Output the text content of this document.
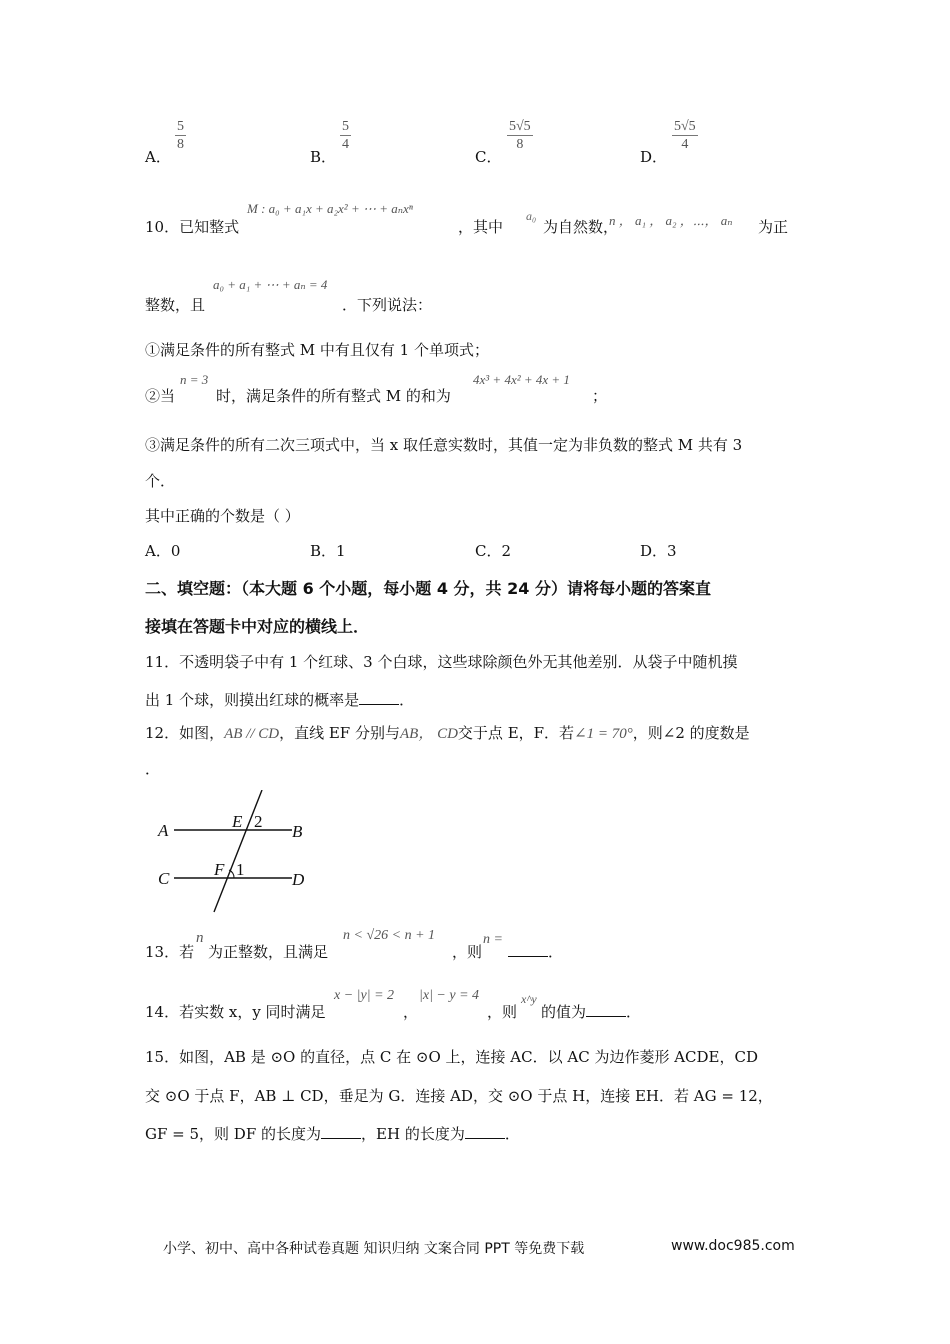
A．
$\frac{5}{8}$
B．
$\frac{5}{4}$
C．
$\frac{5√5}{8}$
D．
$\frac{5√5}{4}$
10．已知整式
M : a₀ + a₁x + a₂x² + ⋯ + aₙxⁿ
，其中
a₀
为自然数，
n ， a₁ ， a₂ ，⋯， aₙ 为正
整数，且
a₀ + a₁ + ⋯ + aₙ = 4
．下列说法：
①满足条件的所有整式 M 中有且仅有 1 个单项式；
②当
n = 3
时，满足条件的所有整式 M 的和为
4x³ + 4x² + 4x + 1
；
③满足条件的所有二次三项式中，当 x 取任意实数时，其值一定为非负数的整式 M 共有 3
个．
其中正确的个数是（ ）
A．0	B．1	C．2	D．3
二、填空题：（本大题 6 个小题，每小题 4 分，共 24 分）请将每小题的答案直
接填在答题卡中对应的横线上．
11．不透明袋子中有 1 个红球、3 个白球，这些球除颜色外无其他差别．从袋子中随机摸
出 1 个球，则摸出红球的概率是	．
12．如图，AB // CD，直线 EF 分别与AB， CD交于点 E，F．若∠1 = 70°，则∠2 的度数是
．
A	B
C	D
E
F
2
1
13．若
n
为正整数，且满足
n < √26 < n + 1
，则
n =
．
14．若实数 x，y 同时满足
x − |y| = 2
，
|x| − y = 4
，则
x^y
的值为	．
15．如图，AB 是 ⊙O 的直径，点 C 在 ⊙O 上，连接 AC．以 AC 为边作菱形 ACDE，CD
交 ⊙O 于点 F，AB ⊥ CD，垂足为 G．连接 AD，交 ⊙O 于点 H，连接 EH．若 AG = 12，
GF = 5，则 DF 的长度为	，EH 的长度为	．
小学、初中、高中各种试卷真题 知识归纳 文案合同 PPT 等免费下载	www.doc985.com
